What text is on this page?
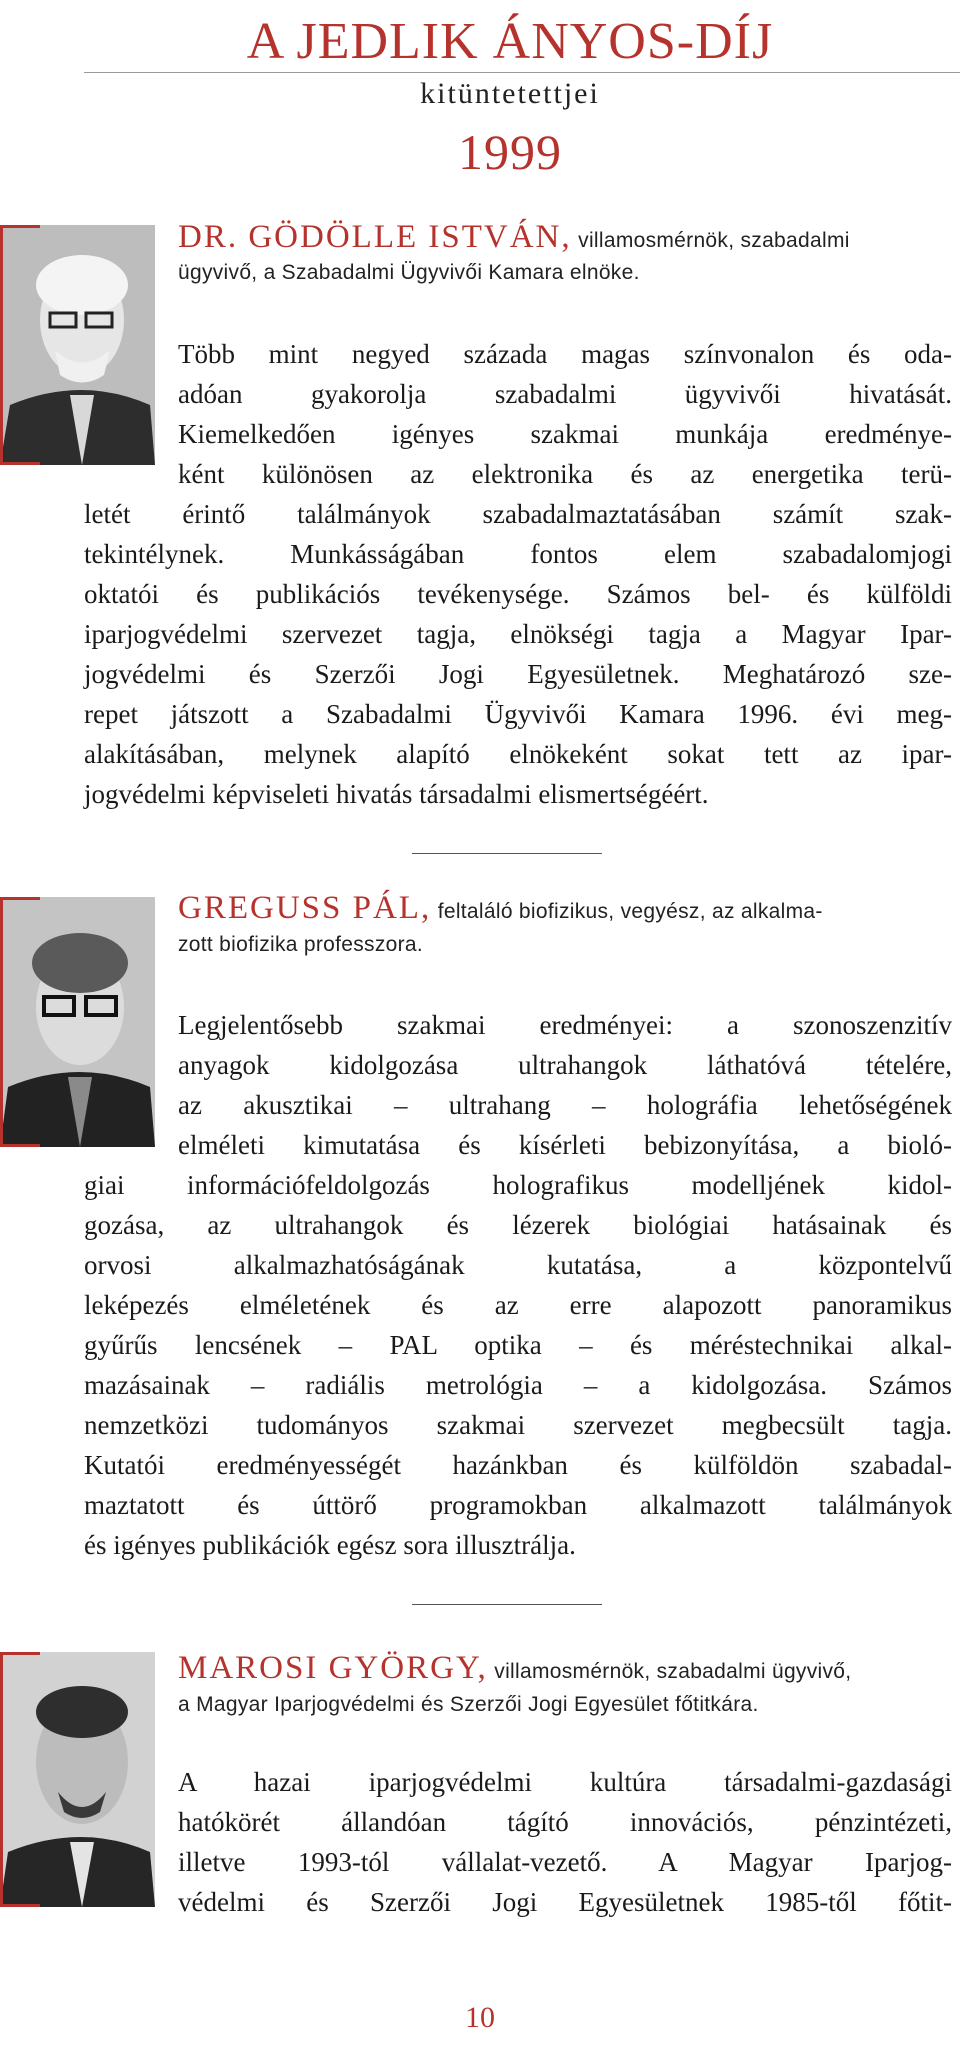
A JEDLIK ÁNYOS-DÍJ
kitüntetettjei
1999
DR. GÖDÖLLE ISTVÁN, villamosmérnök, szabadalmi
ügyvivő, a Szabadalmi Ügyvivői Kamara elnöke.
Több mint negyed százada magas színvonalon és oda-
adóan gyakorolja szabadalmi ügyvivői hivatását.
Kiemelkedően igényes szakmai munkája eredménye-
ként különösen az elektronika és az energetika terü-
letét érintő találmányok szabadalmaztatásában számít szak-
tekintélynek. Munkásságában fontos elem szabadalomjogi
oktatói és publikációs tevékenysége. Számos bel- és külföldi
iparjogvédelmi szervezet tagja, elnökségi tagja a Magyar Ipar-
jogvédelmi és Szerzői Jogi Egyesületnek. Meghatározó sze-
repet játszott a Szabadalmi Ügyvivői Kamara 1996. évi meg-
alakításában, melynek alapító elnökeként sokat tett az ipar-
jogvédelmi képviseleti hivatás társadalmi elismertségéért.
GREGUSS PÁL, feltaláló biofizikus, vegyész, az alkalma-
zott biofizika professzora.
Legjelentősebb szakmai eredményei: a szonoszenzitív
anyagok kidolgozása ultrahangok láthatóvá tételére,
az akusztikai – ultrahang – holográfia lehetőségének
elméleti kimutatása és kísérleti bebizonyítása, a bioló-
giai információfeldolgozás holografikus modelljének kidol-
gozása, az ultrahangok és lézerek biológiai hatásainak és
orvosi alkalmazhatóságának kutatása, a központelvű
leképezés elméletének és az erre alapozott panoramikus
gyűrűs lencsének – PAL optika – és méréstechnikai alkal-
mazásainak – radiális metrológia – a kidolgozása. Számos
nemzetközi tudományos szakmai szervezet megbecsült tagja.
Kutatói eredményességét hazánkban és külföldön szabadal-
maztatott és úttörő programokban alkalmazott találmányok
és igényes publikációk egész sora illusztrálja.
MAROSI GYÖRGY, villamosmérnök, szabadalmi ügyvivő,
a Magyar Iparjogvédelmi és Szerzői Jogi Egyesület főtitkára.
A hazai iparjogvédelmi kultúra társadalmi-gazdasági
hatókörét állandóan tágító innovációs, pénzintézeti,
illetve 1993-tól vállalat-vezető. A Magyar Iparjog-
védelmi és Szerzői Jogi Egyesületnek 1985-től főtit-
10
